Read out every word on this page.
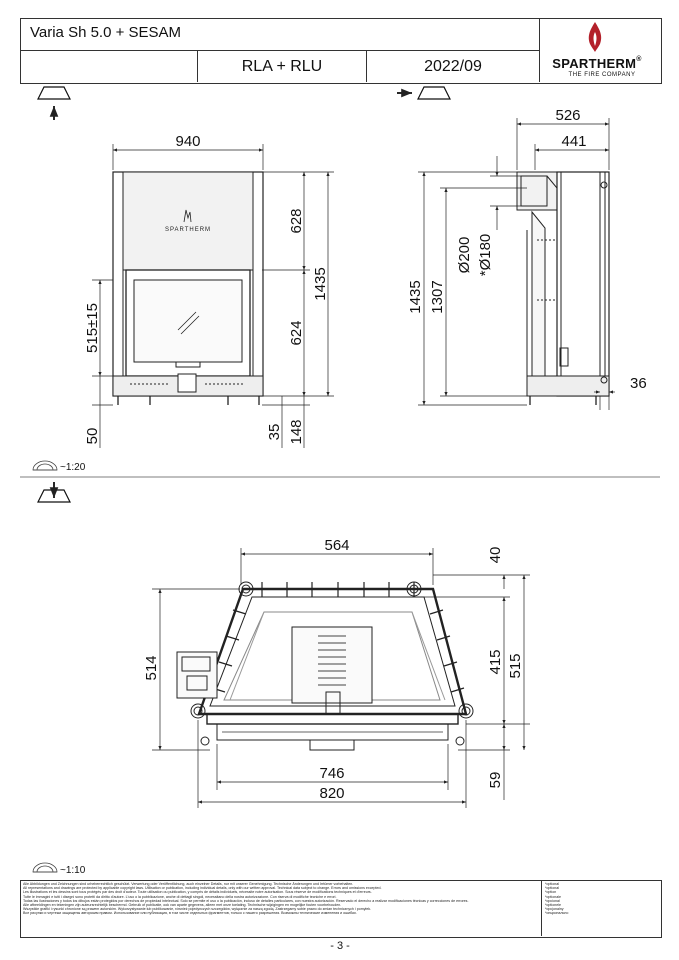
Varia Sh 5.0 + SESAM
RLA + RLU	2022/09	SPARTHERM®
THE FIRE COMPANY
SPARTHERM
940
628
624
1435
515±15
50	35 148
526
441
Ø200 *Ø180
1435 1307
36
564
40
514	415 515
746
820
59
~1:20
~1:10
Alle Abbildungen und Zeichnungen sind urheberrechtlich geschützt. Verwertung oder Veröffentlichung, auch einzelner Details, nur mit unserer Genehmigung. Technische Änderungen und Irrtümer vorbehalten.
All representations and drawings are protected by applicable copyright laws. Utilisation or publication, including individual details, only with our written approval. Technical data subject to change. Errors and omissions excepted.
Les illustrations et les dessins sont tous protégés par des droit d'auteur. Toute utilisation ou publication, y compris de détails individuels, nécessite notre autorisation. Sous réserve de modifications techniques et d'erreurs.
Tutte le immagini e tutti i disegni sono protetti da diritto d'autore. L'uso o la pubblicazione, anche di dettagli singoli, necessitano della nostra autorizzazione. Con riserva di modifiche tecniche e errori.
Todas las ilustraciones y todos los dibujos están protegidos por derechos de propiedad intelectual. Solo se permite el uso o la publicación, incluso de detalles particulares, con nuestra autorización. Reservado el derecho a realizar modificaciones técnicas y correcciones de errores.
Alle afbeeldingen en tekeningen zijn auteursrechtelijk beschermd. Gebruik of publicatie, ook van aparte gegevens, alleen met onze toelating. Technische wijzigingen en mogelijke fouten voorbehouden.
Wszystkie grafiki i rysunki chronione są prawem autorskim. Wykorzystywanie lub publikowanie, również pojedynczych szczegółów, wyłącznie za naszą zgodą. Zastrzegamy sobie prawo do zmian technicznych i pomyłek.
Все рисунки и чертежи защищены авторским правом. Использование или публикация, в том числе отдельных фрагментов, только с нашего разрешения. Возможны технические изменения и ошибки.
*optional
*optional
*option
*optionale
*opcional
*optionele
*opcjonalny
*опционально
- 3 -
